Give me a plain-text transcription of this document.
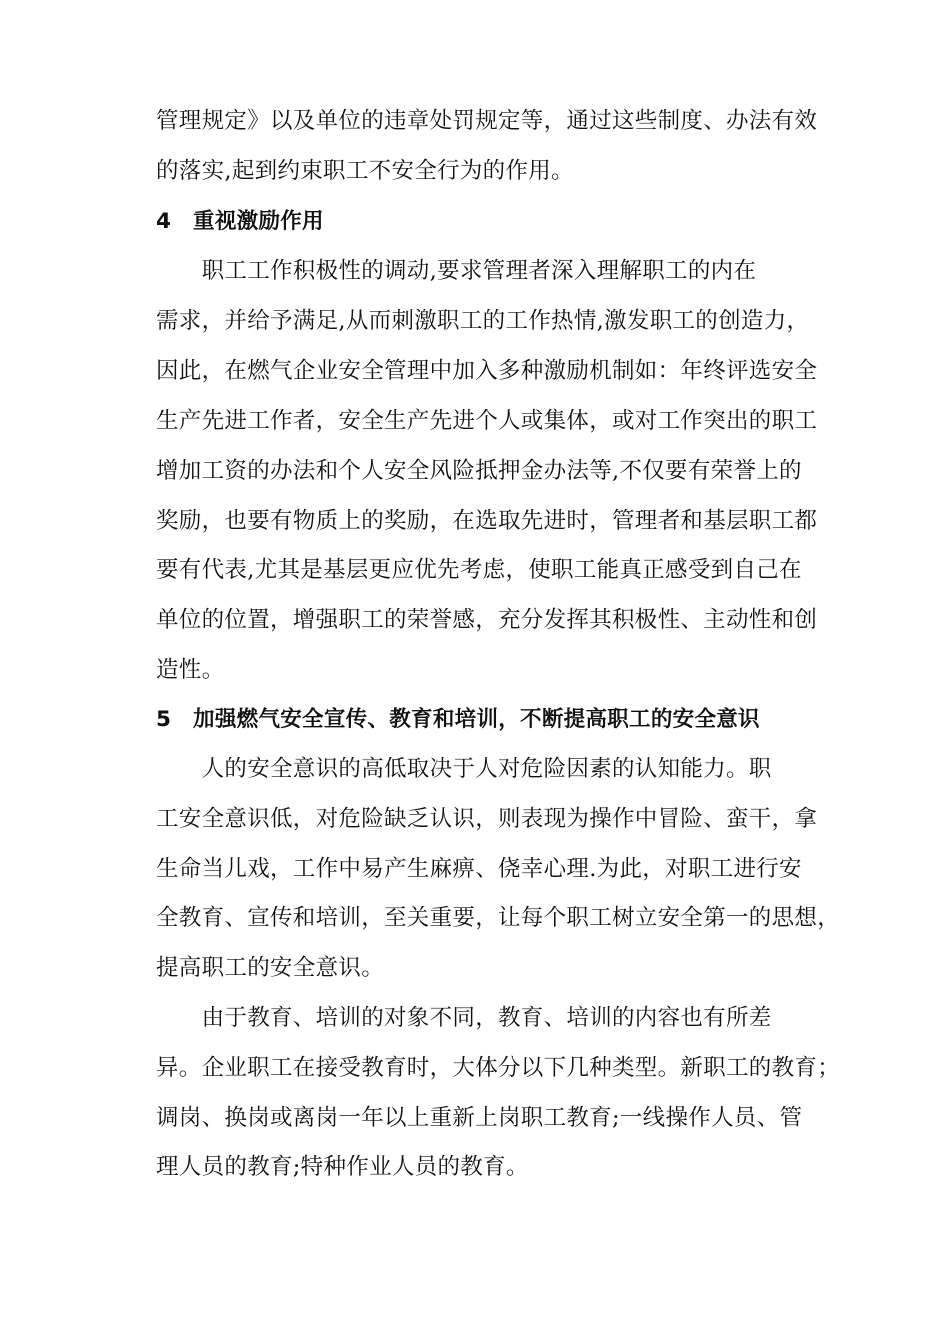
管理规定》以及单位的违章处罚规定等，通过这些制度、办法有效
的落实,起到约束职工不安全行为的作用。
4　重视激励作用
　　职工工作积极性的调动,要求管理者深入理解职工的内在
需求，并给予满足,从而刺激职工的工作热情,激发职工的创造力，
因此，在燃气企业安全管理中加入多种激励机制如：年终评选安全
生产先进工作者，安全生产先进个人或集体，或对工作突出的职工
增加工资的办法和个人安全风险抵押金办法等,不仅要有荣誉上的
奖励，也要有物质上的奖励，在选取先进时，管理者和基层职工都
要有代表,尤其是基层更应优先考虑，使职工能真正感受到自己在
单位的位置，增强职工的荣誉感，充分发挥其积极性、主动性和创
造性。
5　加强燃气安全宣传、教育和培训，不断提高职工的安全意识
　　人的安全意识的高低取决于人对危险因素的认知能力。职
工安全意识低，对危险缺乏认识，则表现为操作中冒险、蛮干，拿
生命当儿戏，工作中易产生麻痹、侥幸心理.为此，对职工进行安
全教育、宣传和培训，至关重要，让每个职工树立安全第一的思想，
提高职工的安全意识。
　　由于教育、培训的对象不同，教育、培训的内容也有所差
异。企业职工在接受教育时，大体分以下几种类型。新职工的教育；
调岗、换岗或离岗一年以上重新上岗职工教育;一线操作人员、管
理人员的教育;特种作业人员的教育。
